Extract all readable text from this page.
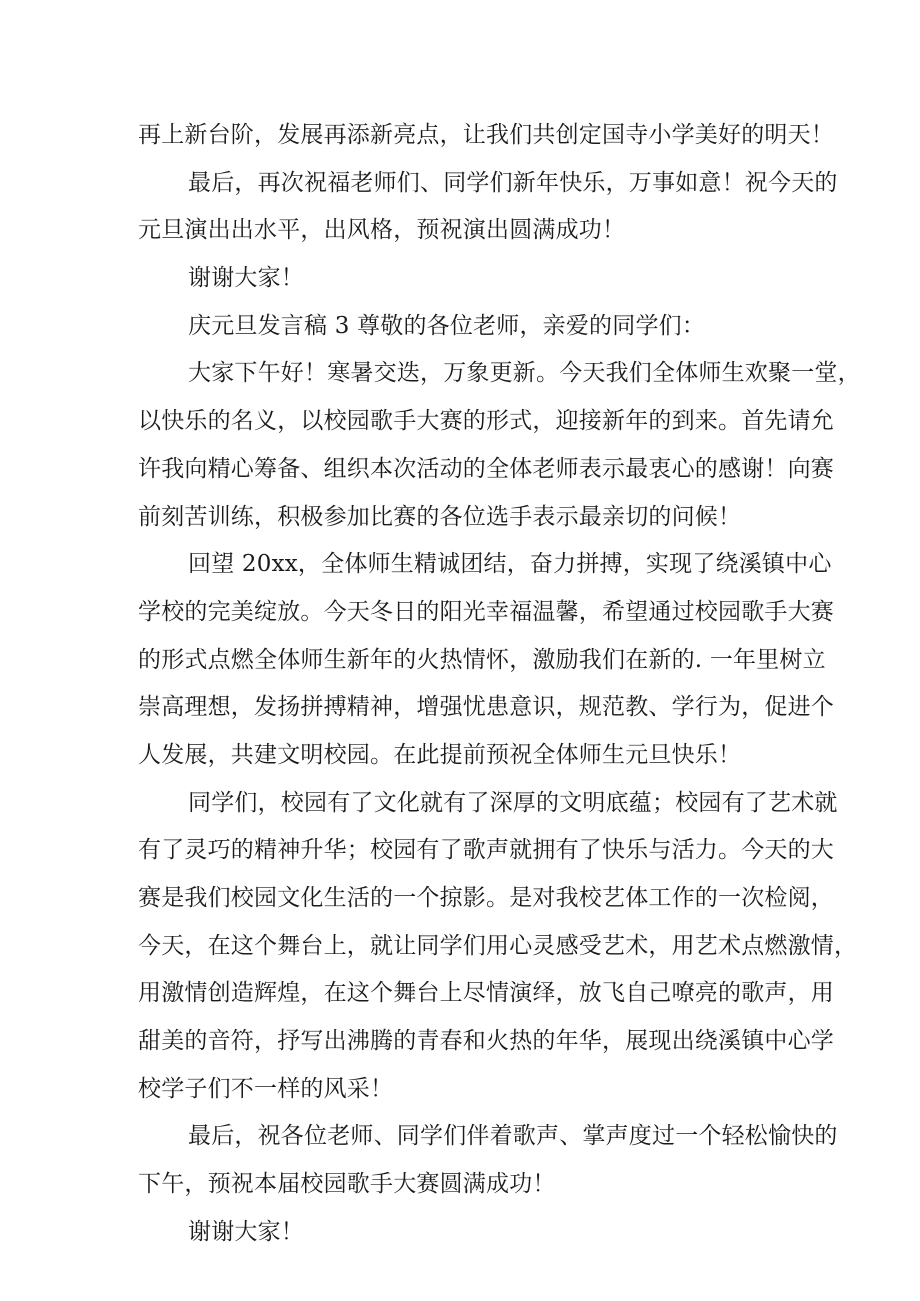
再上新台阶，发展再添新亮点，让我们共创定国寺小学美好的明天！
最后，再次祝福老师们、同学们新年快乐，万事如意！祝今天的
元旦演出出水平，出风格，预祝演出圆满成功！
谢谢大家！
庆元旦发言稿 3 尊敬的各位老师，亲爱的同学们：
大家下午好！寒暑交迭，万象更新。今天我们全体师生欢聚一堂，
以快乐的名义，以校园歌手大赛的形式，迎接新年的到来。首先请允
许我向精心筹备、组织本次活动的全体老师表示最衷心的感谢！向赛
前刻苦训练，积极参加比赛的各位选手表示最亲切的问候！
回望 20xx，全体师生精诚团结，奋力拼搏，实现了绕溪镇中心
学校的完美绽放。今天冬日的阳光幸福温馨，希望通过校园歌手大赛
的形式点燃全体师生新年的火热情怀，激励我们在新的. 一年里树立
崇高理想，发扬拼搏精神，增强忧患意识，规范教、学行为，促进个
人发展，共建文明校园。在此提前预祝全体师生元旦快乐！
同学们，校园有了文化就有了深厚的文明底蕴；校园有了艺术就
有了灵巧的精神升华；校园有了歌声就拥有了快乐与活力。今天的大
赛是我们校园文化生活的一个掠影。是对我校艺体工作的一次检阅，
今天，在这个舞台上，就让同学们用心灵感受艺术，用艺术点燃激情，
用激情创造辉煌，在这个舞台上尽情演绎，放飞自己嘹亮的歌声，用
甜美的音符，抒写出沸腾的青春和火热的年华，展现出绕溪镇中心学
校学子们不一样的风采！
最后，祝各位老师、同学们伴着歌声、掌声度过一个轻松愉快的
下午，预祝本届校园歌手大赛圆满成功！
谢谢大家！
